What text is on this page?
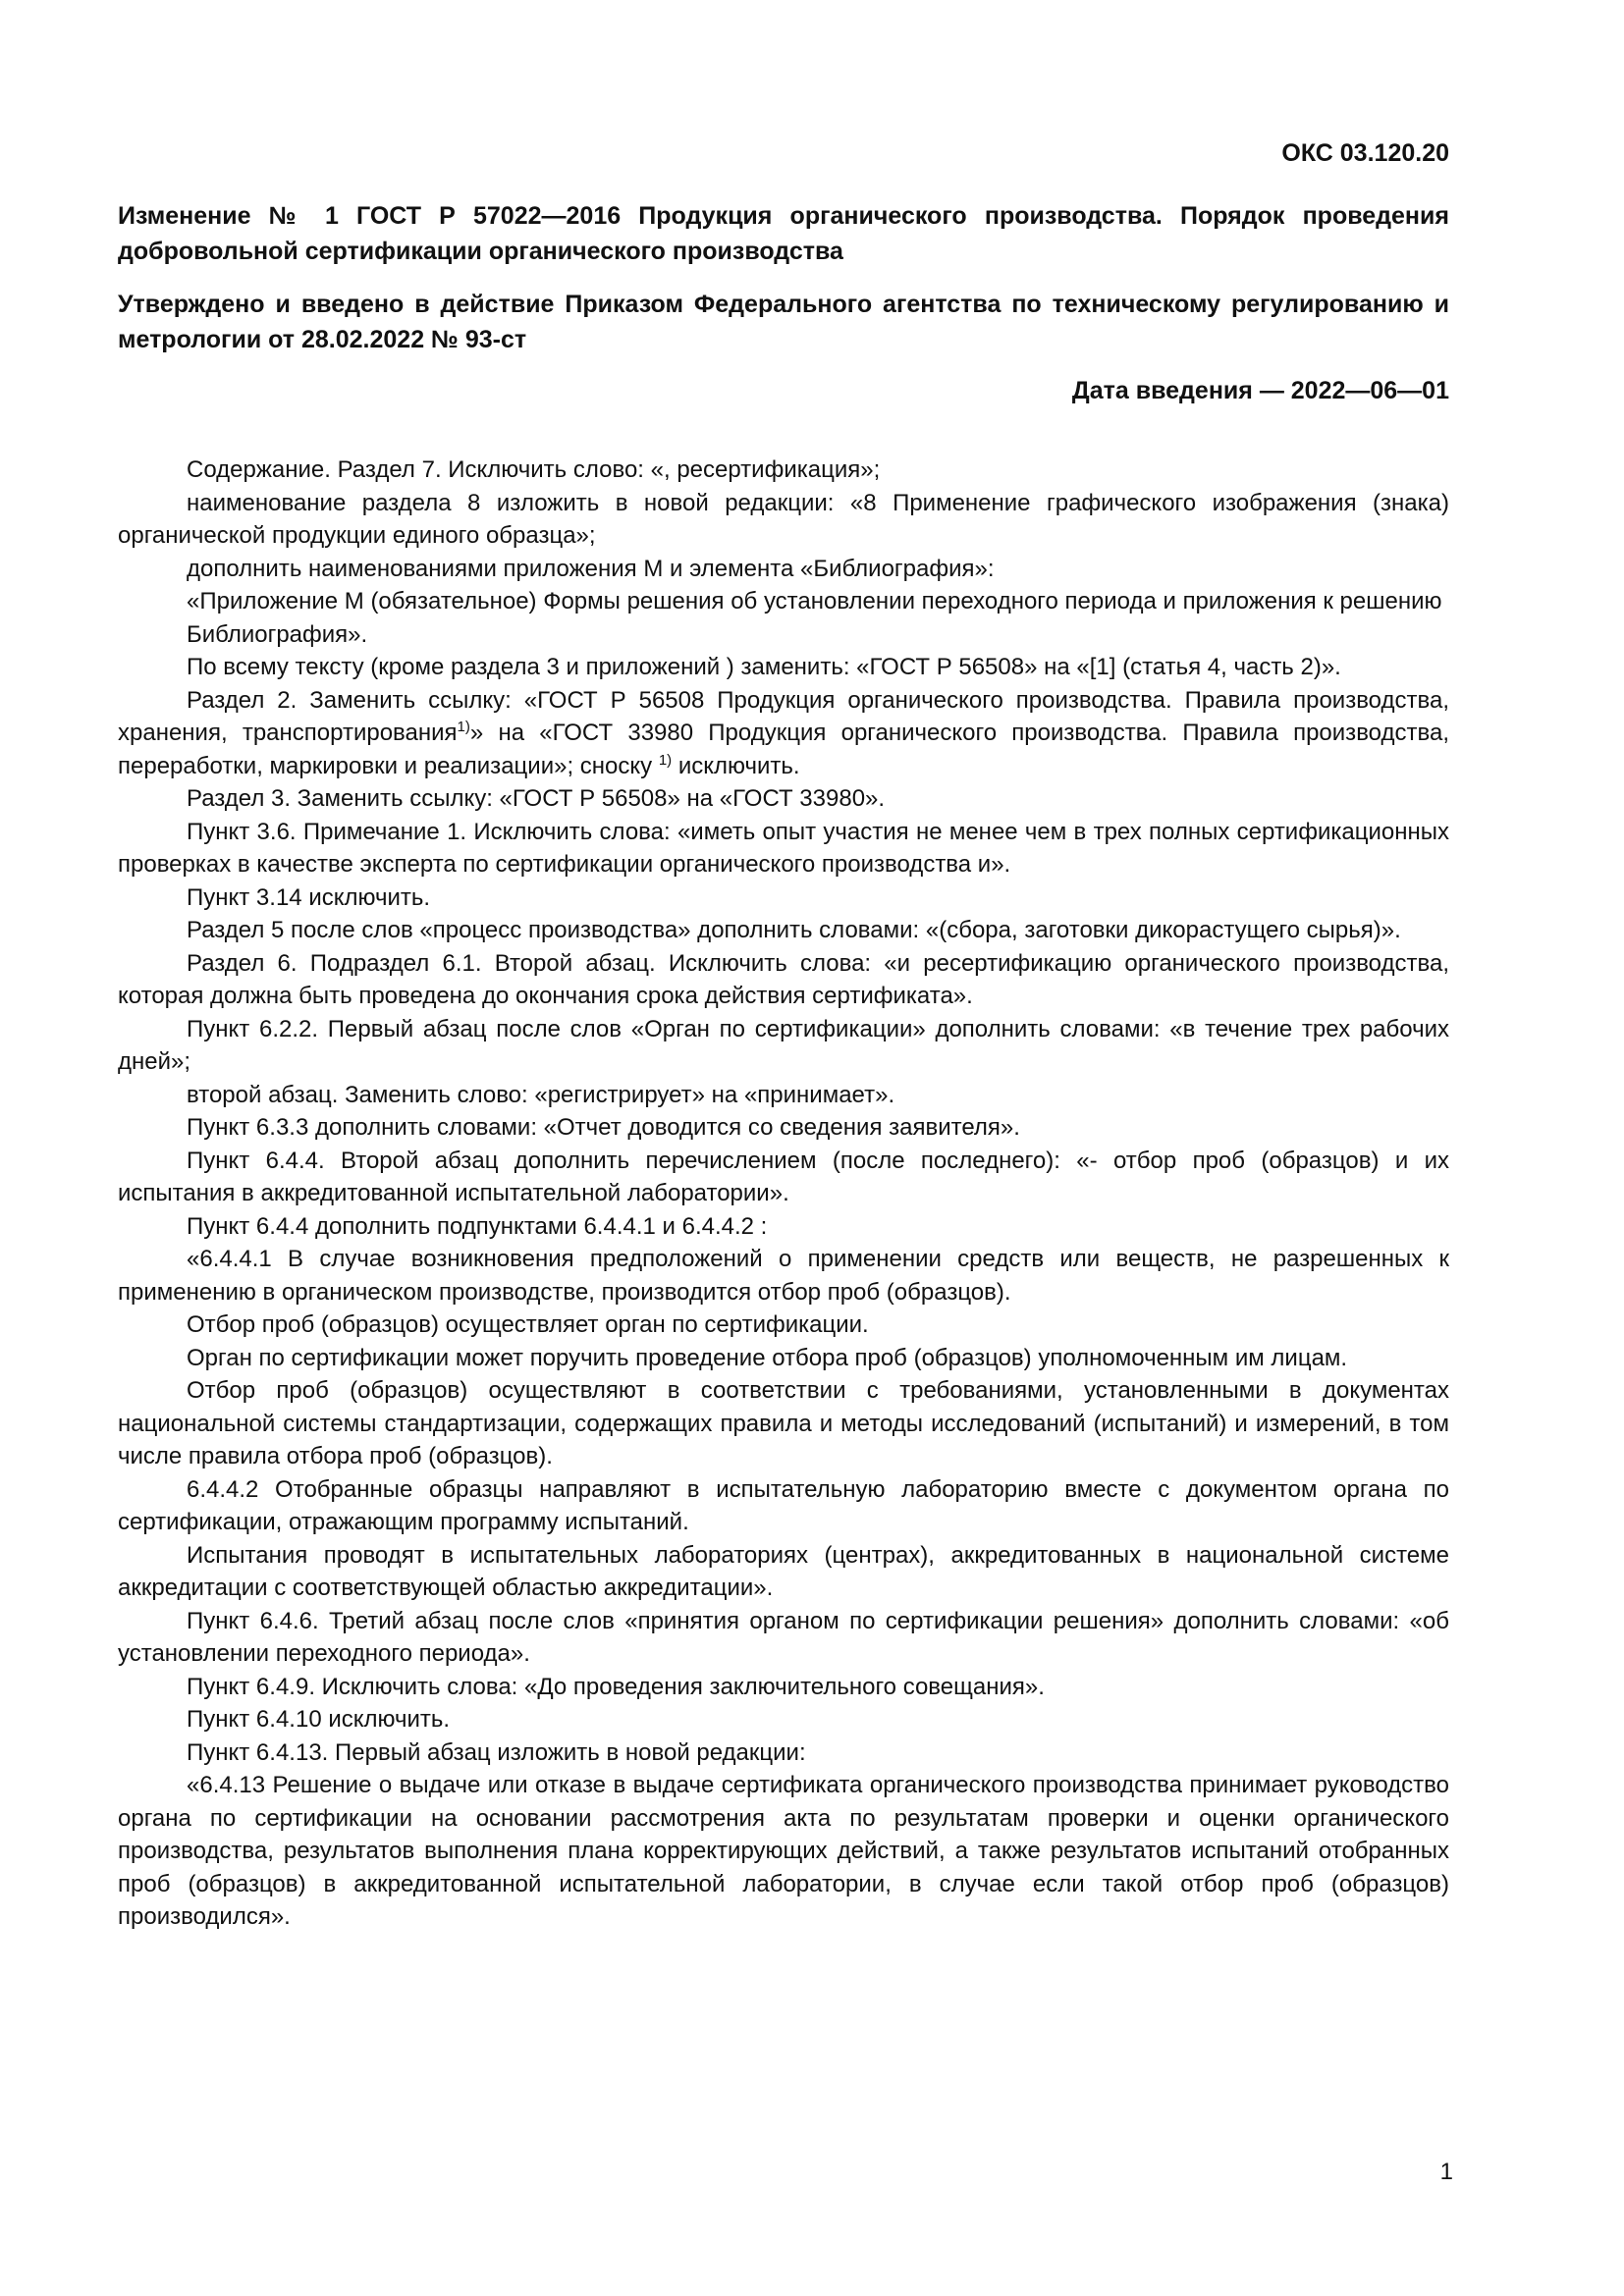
ОКС 03.120.20
Изменение № 1 ГОСТ Р 57022—2016 Продукция органического производства. Порядок проведения добровольной сертификации органического производства
Утверждено и введено в действие Приказом Федерального агентства по техническому регулированию и метрологии от 28.02.2022 № 93-ст
Дата введения — 2022—06—01

Содержание. Раздел 7. Исключить слово: «, ресертификация»;

наименование раздела 8 изложить в новой редакции: «8 Применение графического изображения (знака) органической продукции единого образца»;

дополнить наименованиями приложения М и элемента «Библиография»:

«Приложение М (обязательное) Формы решения об установлении переходного периода и приложения к решению

Библиография».

По всему тексту (кроме раздела 3 и приложений ) заменить: «ГОСТ Р 56508» на «[1] (статья 4, часть 2)».

Раздел 2. Заменить ссылку: «ГОСТ Р 56508 Продукция органического производства. Правила производства, хранения, транспортирования$^{1)}$» на «ГОСТ 33980 Продукция органического производства. Правила производства, переработки, маркировки и реализации»; сноску $^{1)}$ исключить.

Раздел 3. Заменить ссылку: «ГОСТ Р 56508» на «ГОСТ 33980».

Пункт 3.6. Примечание 1. Исключить слова: «иметь опыт участия не менее чем в трех полных сертификационных проверках в качестве эксперта по сертификации органического производства и».

Пункт 3.14 исключить.

Раздел 5 после слов «процесс производства» дополнить словами: «(сбора, заготовки дикорастущего сырья)».

Раздел 6. Подраздел 6.1. Второй абзац. Исключить слова: «и ресертификацию органического производства, которая должна быть проведена до окончания срока действия сертификата».

Пункт 6.2.2. Первый абзац после слов «Орган по сертификации» дополнить словами: «в течение трех рабочих дней»;

второй абзац. Заменить слово: «регистрирует» на «принимает».

Пункт 6.3.3 дополнить словами: «Отчет доводится со сведения заявителя».

Пункт 6.4.4. Второй абзац дополнить перечислением (после последнего): «- отбор проб (образцов) и их испытания в аккредитованной испытательной лаборатории».

Пункт 6.4.4 дополнить подпунктами 6.4.4.1 и 6.4.4.2 :

«6.4.4.1 В случае возникновения предположений о применении средств или веществ, не разрешенных к применению в органическом производстве, производится отбор проб (образцов).

Отбор проб (образцов) осуществляет орган по сертификации.

Орган по сертификации может поручить проведение отбора проб (образцов) уполномоченным им лицам.

Отбор проб (образцов) осуществляют в соответствии с требованиями, установленными в документах национальной системы стандартизации, содержащих правила и методы исследований (испытаний) и измерений, в том числе правила отбора проб (образцов).

6.4.4.2 Отобранные образцы направляют в испытательную лабораторию вместе с документом органа по сертификации, отражающим программу испытаний.

Испытания проводят в испытательных лабораториях (центрах), аккредитованных в национальной системе аккредитации с соответствующей областью аккредитации».

Пункт 6.4.6. Третий абзац после слов «принятия органом по сертификации решения» дополнить словами: «об установлении переходного периода».

Пункт 6.4.9. Исключить слова: «До проведения заключительного совещания».

Пункт 6.4.10 исключить.

Пункт 6.4.13. Первый абзац изложить в новой редакции:

«6.4.13 Решение о выдаче или отказе в выдаче сертификата органического производства принимает руководство органа по сертификации на основании рассмотрения акта по результатам проверки и оценки органического производства, результатов выполнения плана корректирующих действий, а также результатов испытаний отобранных проб (образцов) в аккредитованной испытательной лаборатории, в случае если такой отбор проб (образцов) производился».

1
